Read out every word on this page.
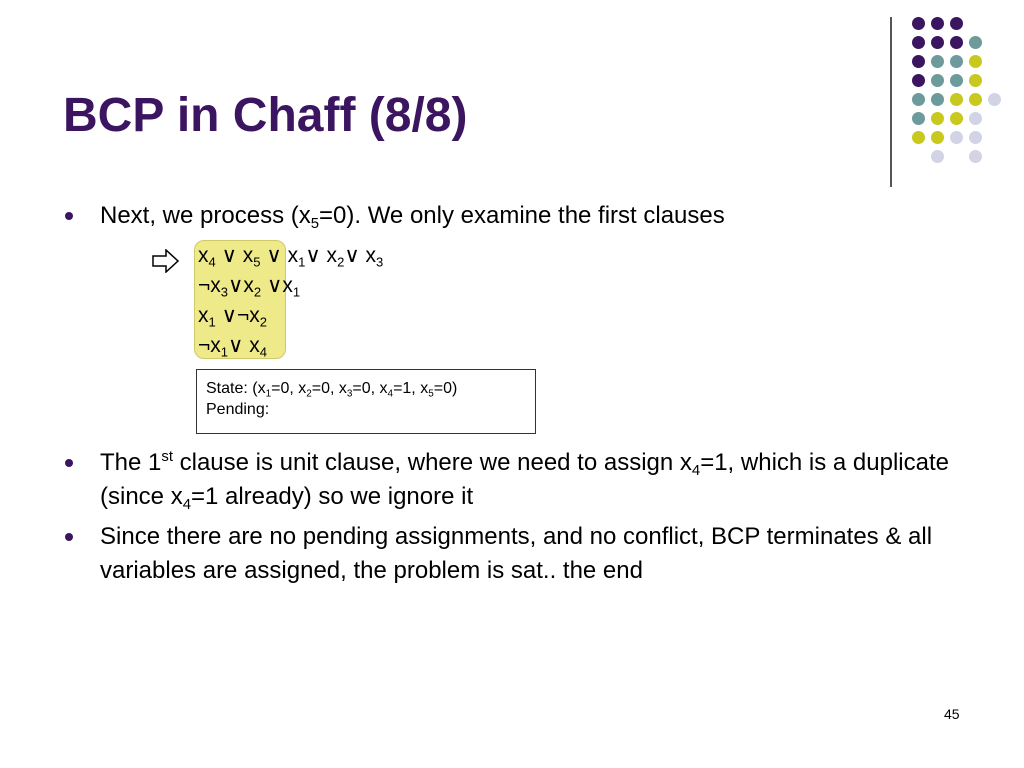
BCP in Chaff (8/8)
Next, we process $(x_5=0)$. We only examine the first clauses
$x_4$ ∨ $x_5$ ∨ $x_1\vee$ $x_2\vee$ $x_3$
$\neg x_3\vee x_2$ $\vee x_1$
$x_1$ $\vee\neg x_2$
$\neg x_1\vee$ $x_4$
State: ($x_1=0$, $x_2=0$, $x_3=0$, $x_4=1$, $x_5=0$)
Pending:
The 1st clause is unit clause, where we need to assign $x_4=1$, which is a duplicate (since $x_4=1$ already) so we ignore it
Since there are no pending assignments, and no conflict, BCP terminates & all variables are assigned, the problem is sat.. the end
45
